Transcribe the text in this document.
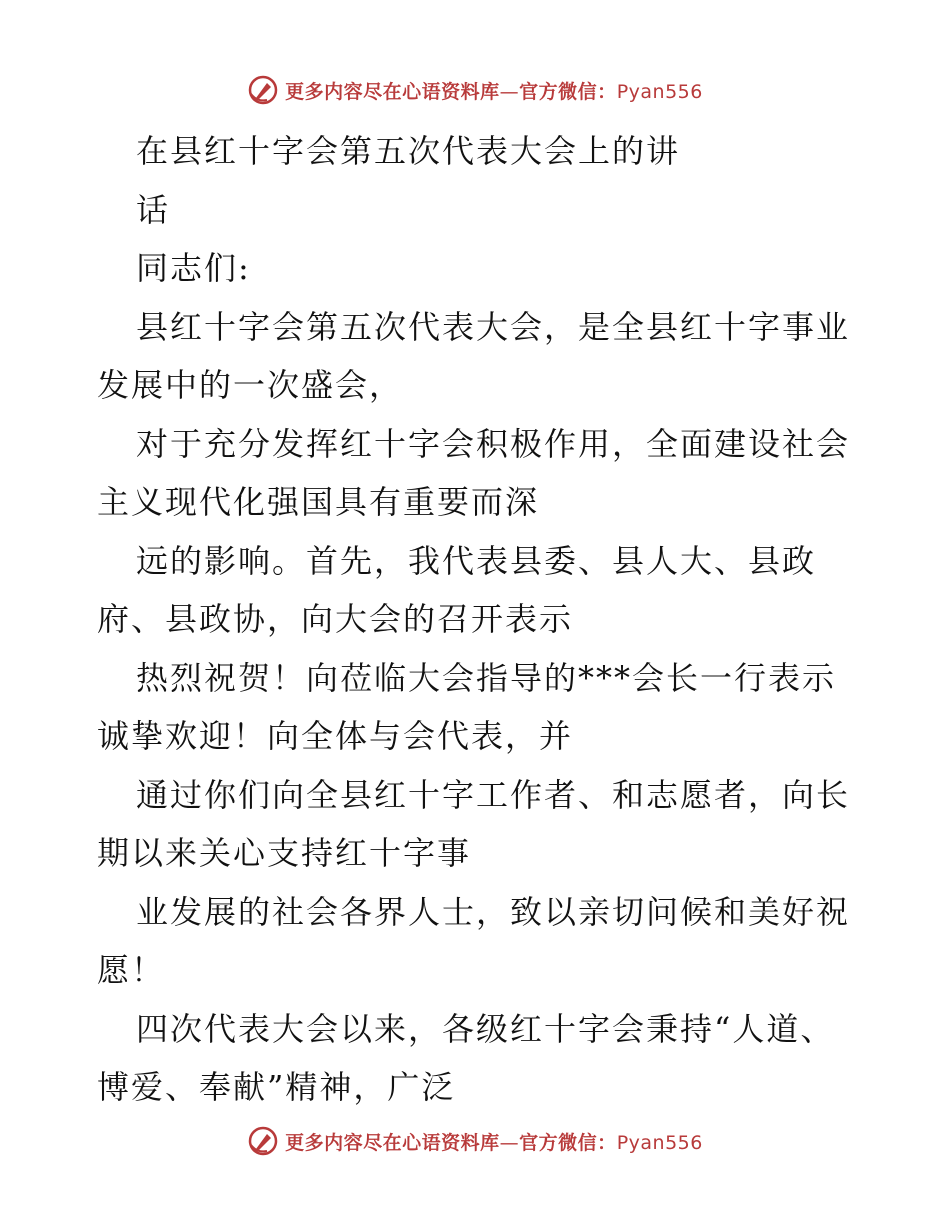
更多内容尽在心语资料库—官方微信：Pyan556
在县红十字会第五次代表大会上的讲
话
同志们:
县红十字会第五次代表大会，是全县红十字事业
发展中的一次盛会，
对于充分发挥红十字会积极作用，全面建设社会
主义现代化强国具有重要而深
远的影响。首先，我代表县委、县人大、县政
府、县政协，向大会的召开表示
热烈祝贺！向莅临大会指导的***会长一行表示
诚挚欢迎！向全体与会代表，并
通过你们向全县红十字工作者、和志愿者，向长
期以来关心支持红十字事
业发展的社会各界人士，致以亲切问候和美好祝
愿！
四次代表大会以来，各级红十字会秉持“人道、
博爱、奉献”精神，广泛
更多内容尽在心语资料库—官方微信：Pyan556
